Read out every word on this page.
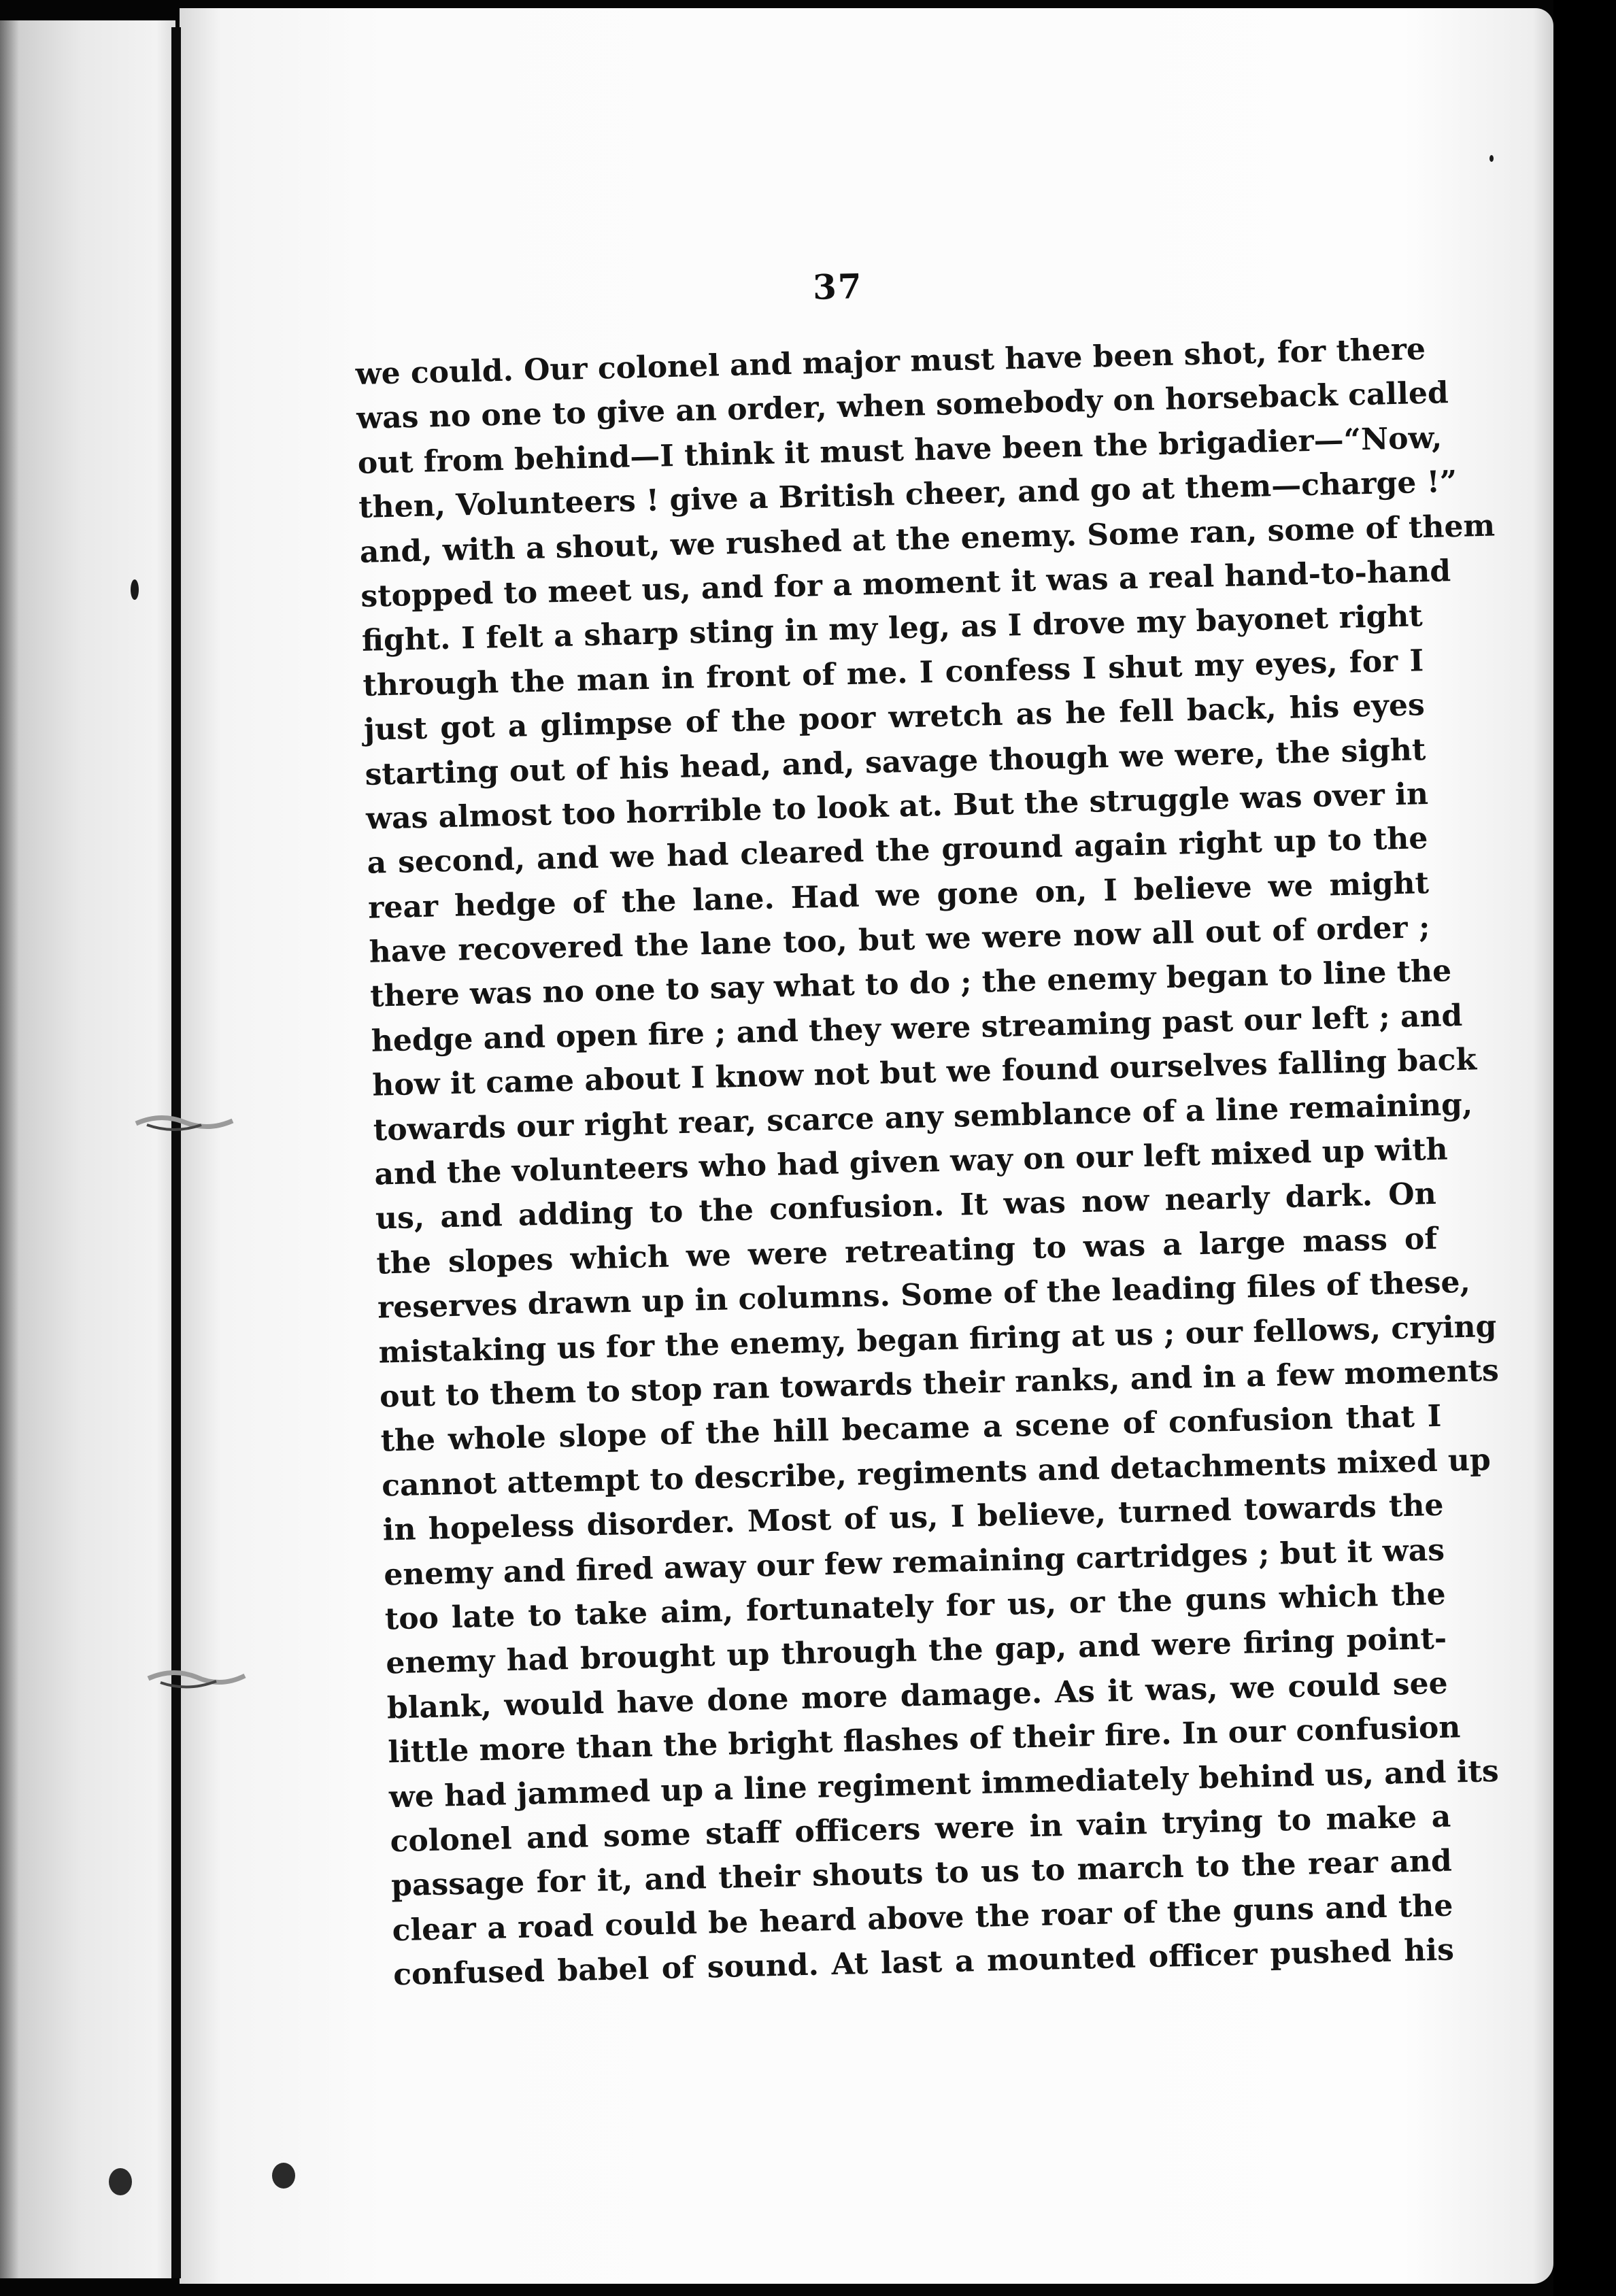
37
we could. Our colonel and major must have been shot, for there
was no one to give an order, when somebody on horseback called
out from behind—I think it must have been the brigadier—“Now,
then, Volunteers ! give a British cheer, and go at them—charge !”
and, with a shout, we rushed at the enemy. Some ran, some of them
stopped to meet us, and for a moment it was a real hand-to-hand
fight. I felt a sharp sting in my leg, as I drove my bayonet right
through the man in front of me. I confess I shut my eyes, for I
just got a glimpse of the poor wretch as he fell back, his eyes
starting out of his head, and, savage though we were, the sight
was almost too horrible to look at. But the struggle was over in
a second, and we had cleared the ground again right up to the
rear hedge of the lane. Had we gone on, I believe we might
have recovered the lane too, but we were now all out of order ;
there was no one to say what to do ; the enemy began to line the
hedge and open fire ; and they were streaming past our left ; and
how it came about I know not but we found ourselves falling back
towards our right rear, scarce any semblance of a line remaining,
and the volunteers who had given way on our left mixed up with
us, and adding to the confusion. It was now nearly dark. On
the slopes which we were retreating to was a large mass of
reserves drawn up in columns. Some of the leading files of these,
mistaking us for the enemy, began firing at us ; our fellows, crying
out to them to stop ran towards their ranks, and in a few moments
the whole slope of the hill became a scene of confusion that I
cannot attempt to describe, regiments and detachments mixed up
in hopeless disorder. Most of us, I believe, turned towards the
enemy and fired away our few remaining cartridges ; but it was
too late to take aim, fortunately for us, or the guns which the
enemy had brought up through the gap, and were firing point-
blank, would have done more damage. As it was, we could see
little more than the bright flashes of their fire. In our confusion
we had jammed up a line regiment immediately behind us, and its
colonel and some staff officers were in vain trying to make a
passage for it, and their shouts to us to march to the rear and
clear a road could be heard above the roar of the guns and the
confused babel of sound. At last a mounted officer pushed his
